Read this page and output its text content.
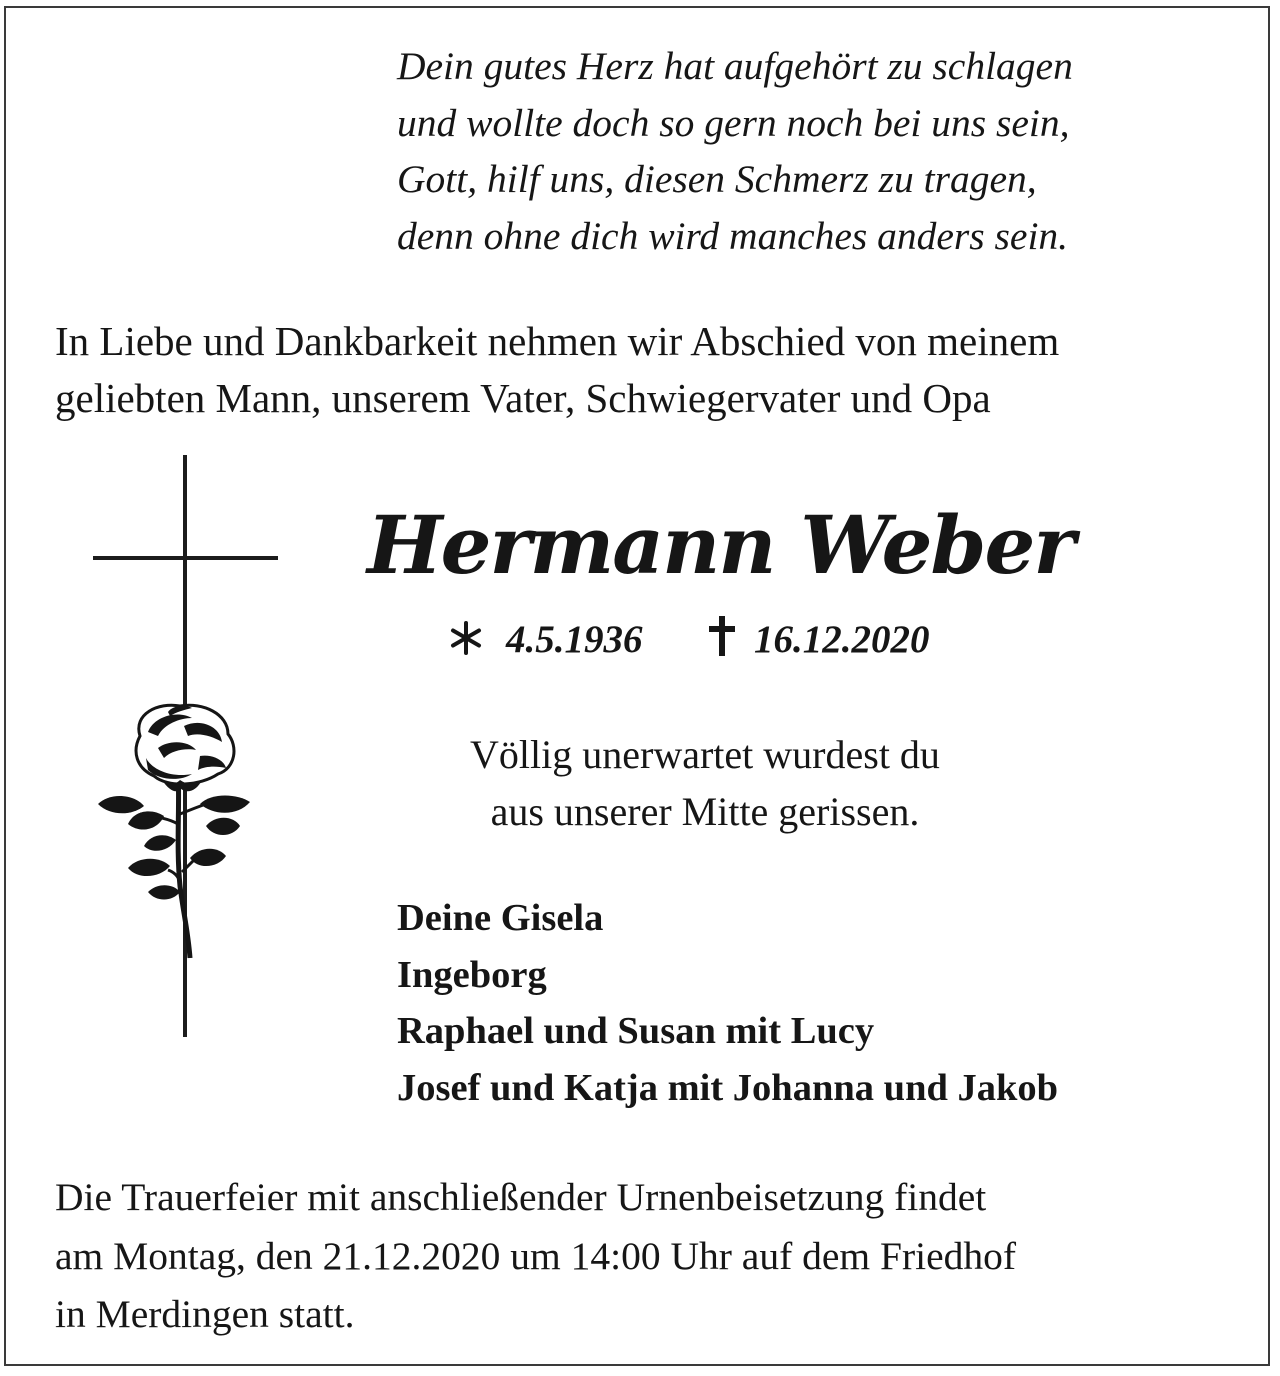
Dein gutes Herz hat aufgehört zu schlagen
und wollte doch so gern noch bei uns sein,
Gott, hilf uns, diesen Schmerz zu tragen,
denn ohne dich wird manches anders sein.
In Liebe und Dankbarkeit nehmen wir Abschied von meinem
geliebten Mann, unserem Vater, Schwiegervater und Opa
Hermann Weber
4.5.1936	16.12.2020
Völlig unerwartet wurdest du
aus unserer Mitte gerissen.
Deine Gisela
Ingeborg
Raphael und Susan mit Lucy
Josef und Katja mit Johanna und Jakob
Die Trauerfeier mit anschließender Urnenbeisetzung findet
am Montag, den 21.12.2020 um 14:00 Uhr auf dem Friedhof
in Merdingen statt.
